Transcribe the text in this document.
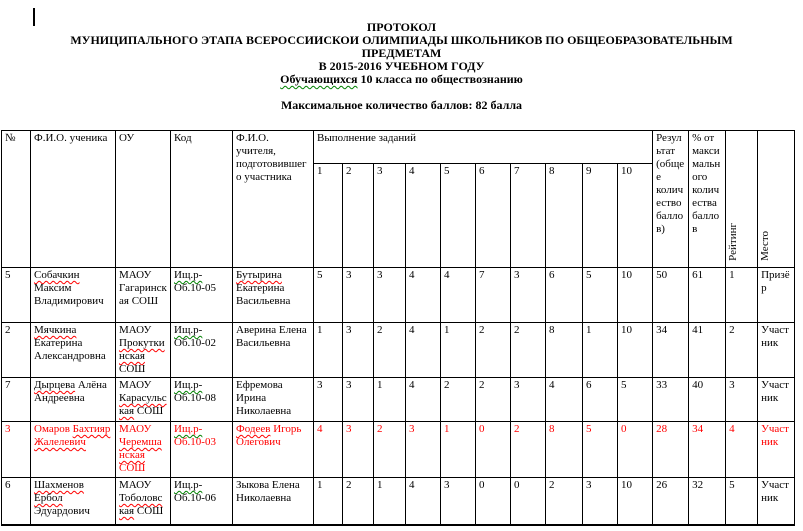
ПРОТОКОЛ
МУНИЦИПАЛЬНОГО ЭТАПА ВСЕРОССИИСКОИ ОЛИМПИАДЫ ШКОЛЬНИКОВ ПО ОБЩЕОБРАЗОВАТЕЛЬНЫМ
ПРЕДМЕТАМ
В 2015-2016 УЧЕБНОМ ГОДУ
Обучающихся 10 класса по обществознанию
Максимальное количество баллов: 82 балла
№	Ф.И.О. ученика	ОУ	Код	Ф.И.О. учителя, подготовившего участника	Выполнение заданий										Результат (общее количество баллов)	% от максимального количества баллов	Рейтинг	Место
					1	2	3	4	5	6	7	8	9	10				
5	Собачкин Максим Владимирович	МАОУ Гагаринская СОШ	Ищ.р-Об.10-05	Бутырина Екатерина Васильевна	5	3	3	4	4	7	3	6	5	10	50	61	1	Призёр
2	Мячкина Екатерина Александровна	МАОУ Прокуткинская СОШ	Ищ.р-Об.10-02	Аверина Елена Васильевна	1	3	2	4	1	2	2	8	1	10	34	41	2	Участник
7	Дырцева Алёна Андреевна	МАОУ Карасульская СОШ	Ищ.р-Об.10-08	Ефремова Ирина Николаевна	3	3	1	4	2	2	3	4	6	5	33	40	3	Участник
3	Омаров Бахтияр Жалелевич	МАОУ Черемшанская СОШ	Ищ.р-Об.10-03	Фодеев Игорь Олегович	4	3	2	3	1	0	2	8	5	0	28	34	4	Участник
6	Шахменов Ербол Эдуардович	МАОУ Тоболовская СОШ	Ищ.р-Об.10-06	Зыкова Елена Николаевна	1	2	1	4	3	0	0	2	3	10	26	32	5	Участник
